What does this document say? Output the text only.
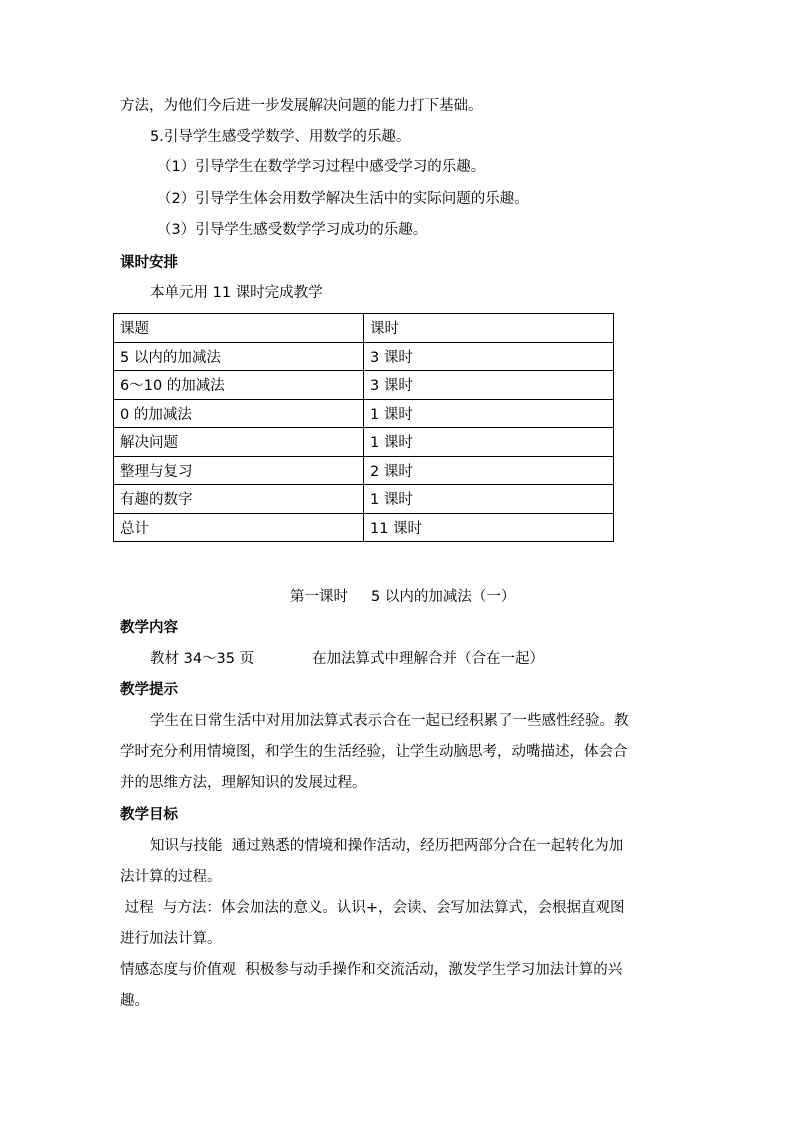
方法，为他们今后进一步发展解决问题的能力打下基础。
5.引导学生感受学数学、用数学的乐趣。
（1）引导学生在数学学习过程中感受学习的乐趣。
（2）引导学生体会用数学解决生活中的实际问题的乐趣。
（3）引导学生感受数学学习成功的乐趣。
课时安排
本单元用 11 课时完成教学
课题	课时
5 以内的加减法	3 课时
6～10 的加减法	3 课时
0 的加减法	1 课时
解决问题	1 课时
整理与复习	2 课时
有趣的数字	1 课时
总计	11 课时
第一课时     5 以内的加减法（一）
教学内容
教材 34～35 页	在加法算式中理解合并（合在一起）
教学提示
学生在日常生活中对用加法算式表示合在一起已经积累了一些感性经验。教
学时充分利用情境图，和学生的生活经验，让学生动脑思考，动嘴描述，体会合
并的思维方法，理解知识的发展过程。
教学目标
知识与技能  通过熟悉的情境和操作活动，经历把两部分合在一起转化为加
法计算的过程。
过程  与方法：体会加法的意义。认识+，会读、会写加法算式，会根据直观图
进行加法计算。
情感态度与价值观  积极参与动手操作和交流活动，激发学生学习加法计算的兴
趣。
